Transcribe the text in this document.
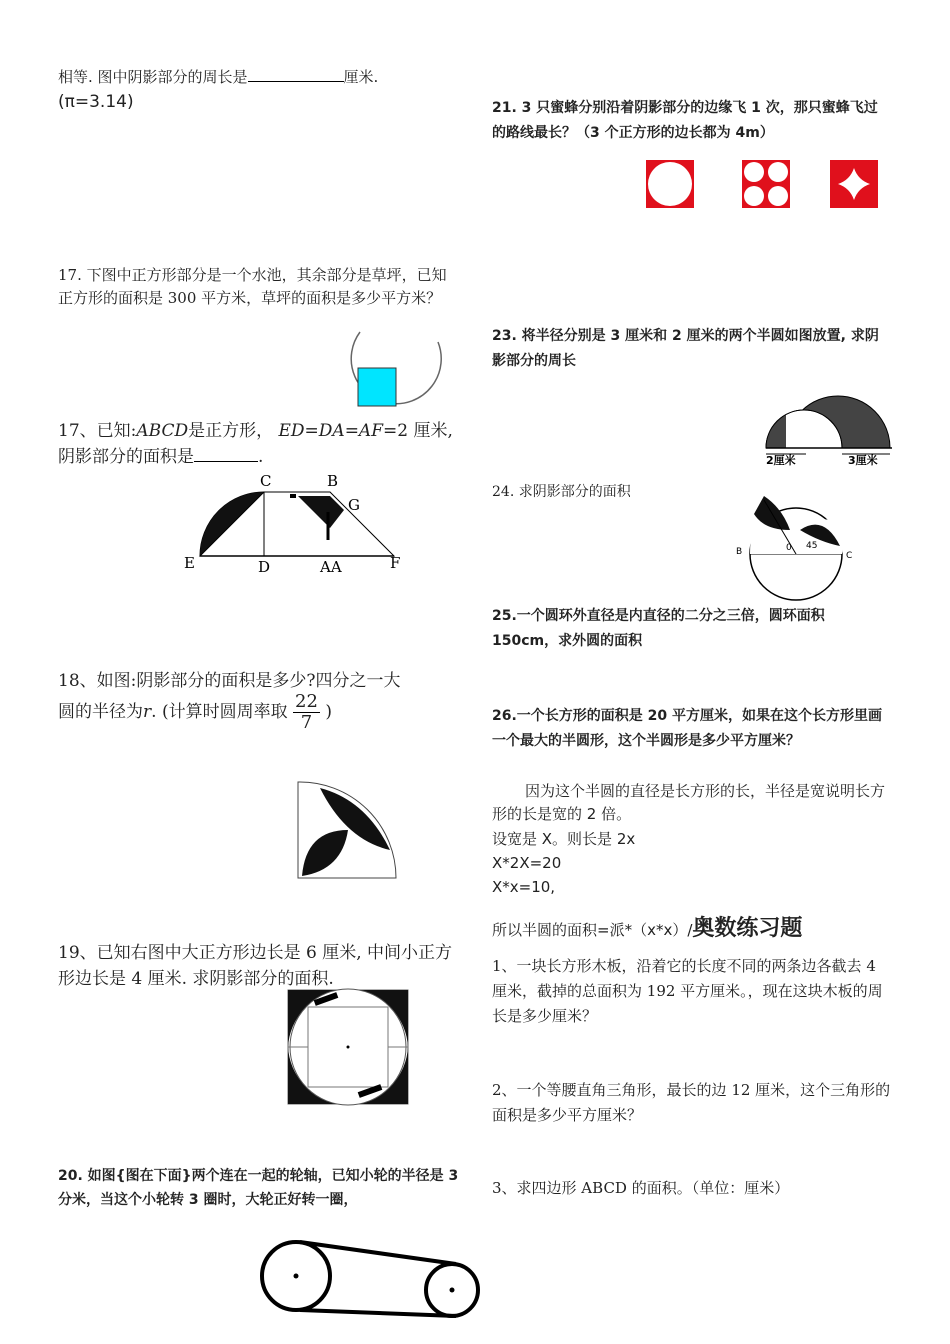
相等. 图中阴影部分的周长是	厘米.
(π=3.14)
17. 下图中正方形部分是一个水池，其余部分是草坪，已知正方形的面积是 300 平方米，草坪的面积是多少平方米？
17、已知:ABCD是正方形， ED=DA=AF=2 厘米,
阴影部分的面积是	.
C	B
G
E	D	AA	F
18、如图:阴影部分的面积是多少?四分之一大
圆的半径为r. (计算时圆周率取 $\frac{22}{7}$ )
19、已知右图中大正方形边长是 6 厘米, 中间小正方形边长是 4 厘米. 求阴影部分的面积.
20. 如图{图在下面}两个连在一起的轮轴，已知小轮的半径是 3 分米，当这个小轮转 3 圈时，大轮正好转一圈，
21. 3 只蜜蜂分别沿着阴影部分的边缘飞 1 次，那只蜜蜂飞过的路线最长？（3 个正方形的边长都为 4m）
23. 将半径分别是 3 厘米和 2 厘米的两个半圆如图放置, 求阴影部分的周长
2厘米	3厘米
24. 求阴影部分的面积
B	0 45
C
25.一个圆环外直径是内直径的二分之三倍，圆环面积 150cm，求外圆的面积
26.一个长方形的面积是 20 平方厘米，如果在这个长方形里画一个最大的半圆形，这个半圆形是多少平方厘米？
因为这个半圆的直径是长方形的长，半径是宽说明长方形的长是宽的 2 倍。
设宽是 X。则长是 2x
X*2X=20
X*x=10,
所以半圆的面积=派*（x*x）/奥数练习题
1、一块长方形木板，沿着它的长度不同的两条边各截去 4 厘米，截掉的总面积为 192 平方厘米。，现在这块木板的周长是多少厘米？
2、一个等腰直角三角形，最长的边 12 厘米，这个三角形的面积是多少平方厘米？
3、求四边形 ABCD 的面积。（单位：厘米）
